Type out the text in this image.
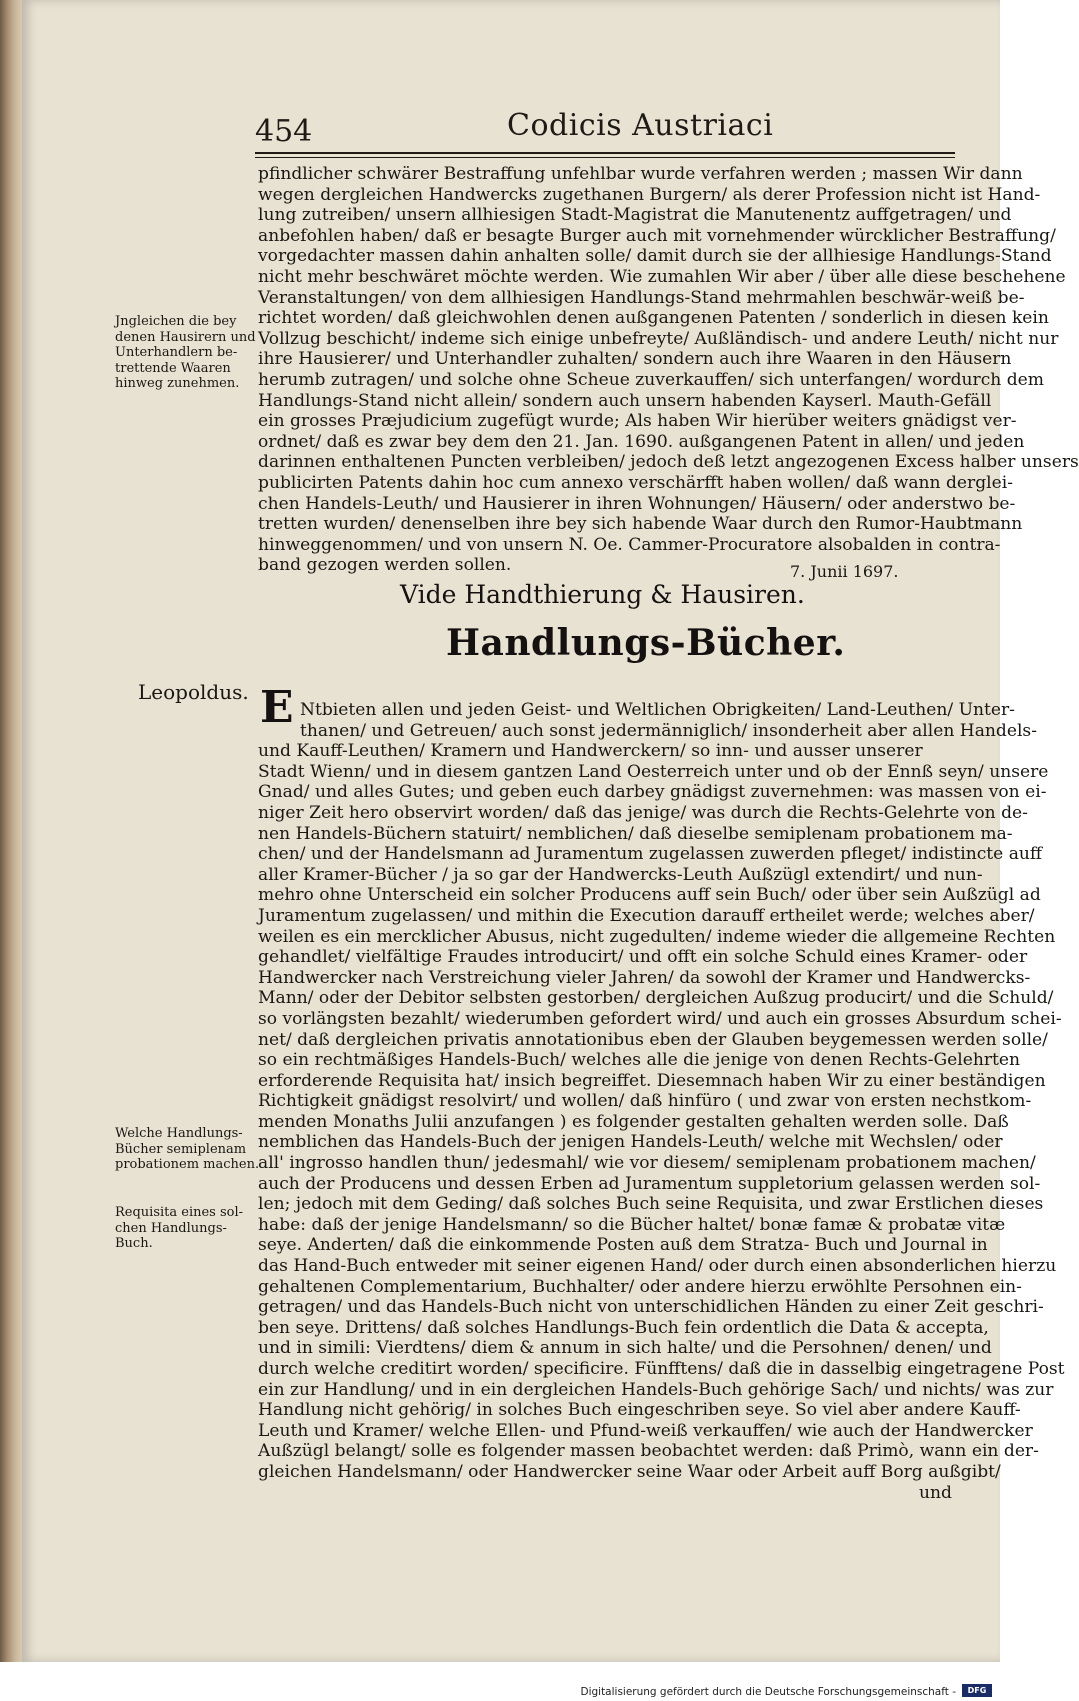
454	Codicis Austriaci
pfindlicher schwärer Bestraffung unfehlbar wurde verfahren werden ; massen Wir dann
wegen dergleichen Handwercks zugethanen Burgern/ als derer Profession nicht ist Hand-
lung zutreiben/ unsern allhiesigen Stadt-Magistrat die Manutenentz auffgetragen/ und
anbefohlen haben/ daß er besagte Burger auch mit vornehmender würcklicher Bestraffung/
vorgedachter massen dahin anhalten solle/ damit durch sie der allhiesige Handlungs-Stand
nicht mehr beschwäret möchte werden. Wie zumahlen Wir aber / über alle diese beschehene
Veranstaltungen/ von dem allhiesigen Handlungs-Stand mehrmahlen beschwär-weiß be-
richtet worden/ daß gleichwohlen denen außgangenen Patenten / sonderlich in diesen kein
Vollzug beschicht/ indeme sich einige unbefreyte/ Außländisch- und andere Leuth/ nicht nur
ihre Hausierer/ und Unterhandler zuhalten/ sondern auch ihre Waaren in den Häusern
herumb zutragen/ und solche ohne Scheue zuverkauffen/ sich unterfangen/ wordurch dem
Handlungs-Stand nicht allein/ sondern auch unsern habenden Kayserl. Mauth-Gefäll
ein grosses Præjudicium zugefügt wurde; Als haben Wir hierüber weiters gnädigst ver-
ordnet/ daß es zwar bey dem den 21. Jan. 1690. außgangenen Patent in allen/ und jeden
darinnen enthaltenen Puncten verbleiben/ jedoch deß letzt angezogenen Excess halber unsers
publicirten Patents dahin hoc cum annexo verschärfft haben wollen/ daß wann derglei-
chen Handels-Leuth/ und Hausierer in ihren Wohnungen/ Häusern/ oder anderstwo be-
tretten wurden/ denenselben ihre bey sich habende Waar durch den Rumor-Haubtmann
hinweggenommen/ und von unsern N. Oe. Cammer-Procuratore alsobalden in contra-
band gezogen werden sollen.	7. Junii 1697.
Vide Handthierung & Hausiren.
Handlungs-Bücher.
Leopoldus. E Ntbieten allen und jeden Geist- und Weltlichen Obrigkeiten/ Land-Leuthen/ Unter-
thanen/ und Getreuen/ auch sonst jedermänniglich/ insonderheit aber allen Handels-
und Kauff-Leuthen/ Kramern und Handwerckern/ so inn- und ausser unserer
Stadt Wienn/ und in diesem gantzen Land Oesterreich unter und ob der Ennß seyn/ unsere
Gnad/ und alles Gutes; und geben euch darbey gnädigst zuvernehmen: was massen von ei-
niger Zeit hero observirt worden/ daß das jenige/ was durch die Rechts-Gelehrte von de-
nen Handels-Büchern statuirt/ nemblichen/ daß dieselbe semiplenam probationem ma-
chen/ und der Handelsmann ad Juramentum zugelassen zuwerden pfleget/ indistincte auff
aller Kramer-Bücher / ja so gar der Handwercks-Leuth Außzügl extendirt/ und nun-
mehro ohne Unterscheid ein solcher Producens auff sein Buch/ oder über sein Außzügl ad
Juramentum zugelassen/ und mithin die Execution darauff ertheilet werde; welches aber/
weilen es ein mercklicher Abusus, nicht zugedulten/ indeme wieder die allgemeine Rechten
gehandlet/ vielfältige Fraudes introducirt/ und offt ein solche Schuld eines Kramer- oder
Handwercker nach Verstreichung vieler Jahren/ da sowohl der Kramer und Handwercks-
Mann/ oder der Debitor selbsten gestorben/ dergleichen Außzug producirt/ und die Schuld/
so vorlängsten bezahlt/ wiederumben gefordert wird/ und auch ein grosses Absurdum schei-
net/ daß dergleichen privatis annotationibus eben der Glauben beygemessen werden solle/
so ein rechtmäßiges Handels-Buch/ welches alle die jenige von denen Rechts-Gelehrten
erforderende Requisita hat/ insich begreiffet. Diesemnach haben Wir zu einer beständigen
Richtigkeit gnädigst resolvirt/ und wollen/ daß hinfüro ( und zwar von ersten nechstkom-
menden Monaths Julii anzufangen ) es folgender gestalten gehalten werden solle. Daß
nemblichen das Handels-Buch der jenigen Handels-Leuth/ welche mit Wechslen/ oder
all' ingrosso handlen thun/ jedesmahl/ wie vor diesem/ semiplenam probationem machen/
auch der Producens und dessen Erben ad Juramentum suppletorium gelassen werden sol-
len; jedoch mit dem Geding/ daß solches Buch seine Requisita, und zwar Erstlichen dieses
habe: daß der jenige Handelsmann/ so die Bücher haltet/ bonæ famæ & probatæ vitæ
seye. Anderten/ daß die einkommende Posten auß dem Stratza- Buch und Journal in
das Hand-Buch entweder mit seiner eigenen Hand/ oder durch einen absonderlichen hierzu
gehaltenen Complementarium, Buchhalter/ oder andere hierzu erwöhlte Persohnen ein-
getragen/ und das Handels-Buch nicht von unterschidlichen Händen zu einer Zeit geschri-
ben seye. Drittens/ daß solches Handlungs-Buch fein ordentlich die Data & accepta,
und in simili: Vierdtens/ diem & annum in sich halte/ und die Persohnen/ denen/ und
durch welche creditirt worden/ specificire. Fünfftens/ daß die in dasselbig eingetragene Post
ein zur Handlung/ und in ein dergleichen Handels-Buch gehörige Sach/ und nichts/ was zur
Handlung nicht gehörig/ in solches Buch eingeschriben seye. So viel aber andere Kauff-
Leuth und Kramer/ welche Ellen- und Pfund-weiß verkauffen/ wie auch der Handwercker
Außzügl belangt/ solle es folgender massen beobachtet werden: daß Primò, wann ein der-
gleichen Handelsmann/ oder Handwercker seine Waar oder Arbeit auff Borg außgibt/
und
Jngleichen die bey
denen Hausirern und
Unterhandlern be-
trettende Waaren
hinweg zunehmen.
Welche Handlungs-
Bücher semiplenam
probationem machen.
Requisita eines sol-
chen Handlungs-
Buch.
Digitalisierung gefördert durch die Deutsche Forschungsgemeinschaft -	DFG
